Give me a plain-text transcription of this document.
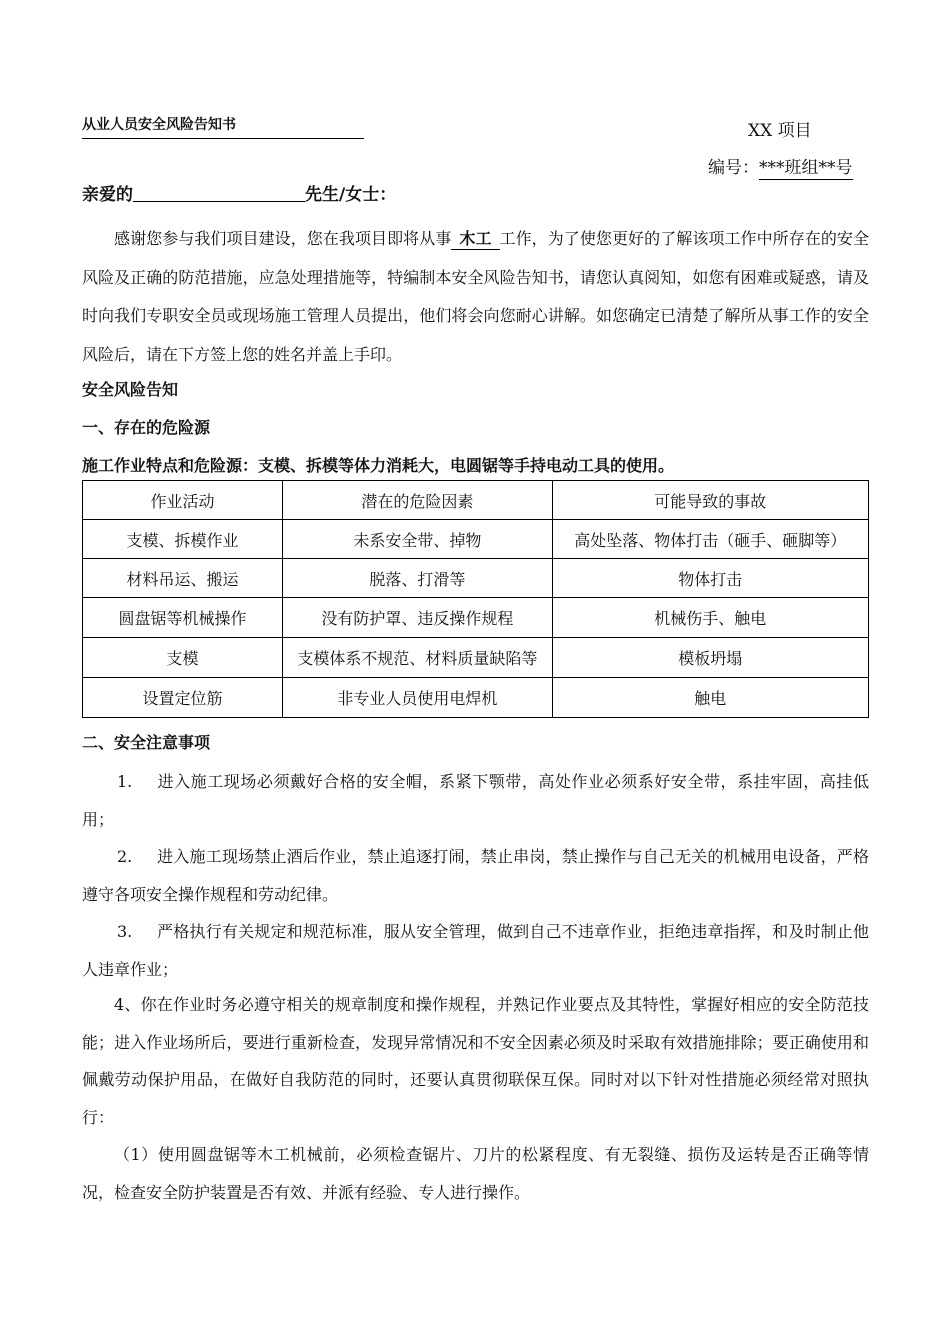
从业人员安全风险告知书	XX 项目
编号：***班组**号
亲爱的	先生/女士：
感谢您参与我们项目建设，您在我项目即将从事 木工 工作，为了使您更好的了解该项工作中所存在的安全风险及正确的防范措施，应急处理措施等，特编制本安全风险告知书，请您认真阅知，如您有困难或疑惑，请及时向我们专职安全员或现场施工管理人员提出，他们将会向您耐心讲解。如您确定已清楚了解所从事工作的安全风险后，请在下方签上您的姓名并盖上手印。
安全风险告知
一、存在的危险源
施工作业特点和危险源：支模、拆模等体力消耗大，电圆锯等手持电动工具的使用。
作业活动	潜在的危险因素	可能导致的事故
支模、拆模作业	未系安全带、掉物	高处坠落、物体打击（砸手、砸脚等）
材料吊运、搬运	脱落、打滑等	物体打击
圆盘锯等机械操作	没有防护罩、违反操作规程	机械伤手、触电
支模	支模体系不规范、材料质量缺陷等	模板坍塌
设置定位筋	非专业人员使用电焊机	触电
二、安全注意事项
1. 进入施工现场必须戴好合格的安全帽，系紧下颚带，高处作业必须系好安全带，系挂牢固，高挂低用；
2. 进入施工现场禁止酒后作业，禁止追逐打闹，禁止串岗，禁止操作与自己无关的机械用电设备，严格遵守各项安全操作规程和劳动纪律。
3. 严格执行有关规定和规范标准，服从安全管理，做到自己不违章作业，拒绝违章指挥，和及时制止他人违章作业；
4、你在作业时务必遵守相关的规章制度和操作规程，并熟记作业要点及其特性，掌握好相应的安全防范技能；进入作业场所后，要进行重新检查，发现异常情况和不安全因素必须及时采取有效措施排除；要正确使用和佩戴劳动保护用品，在做好自我防范的同时，还要认真贯彻联保互保。同时对以下针对性措施必须经常对照执行：
（1）使用圆盘锯等木工机械前，必须检查锯片、刀片的松紧程度、有无裂缝、损伤及运转是否正确等情况，检查安全防护装置是否有效、并派有经验、专人进行操作。
